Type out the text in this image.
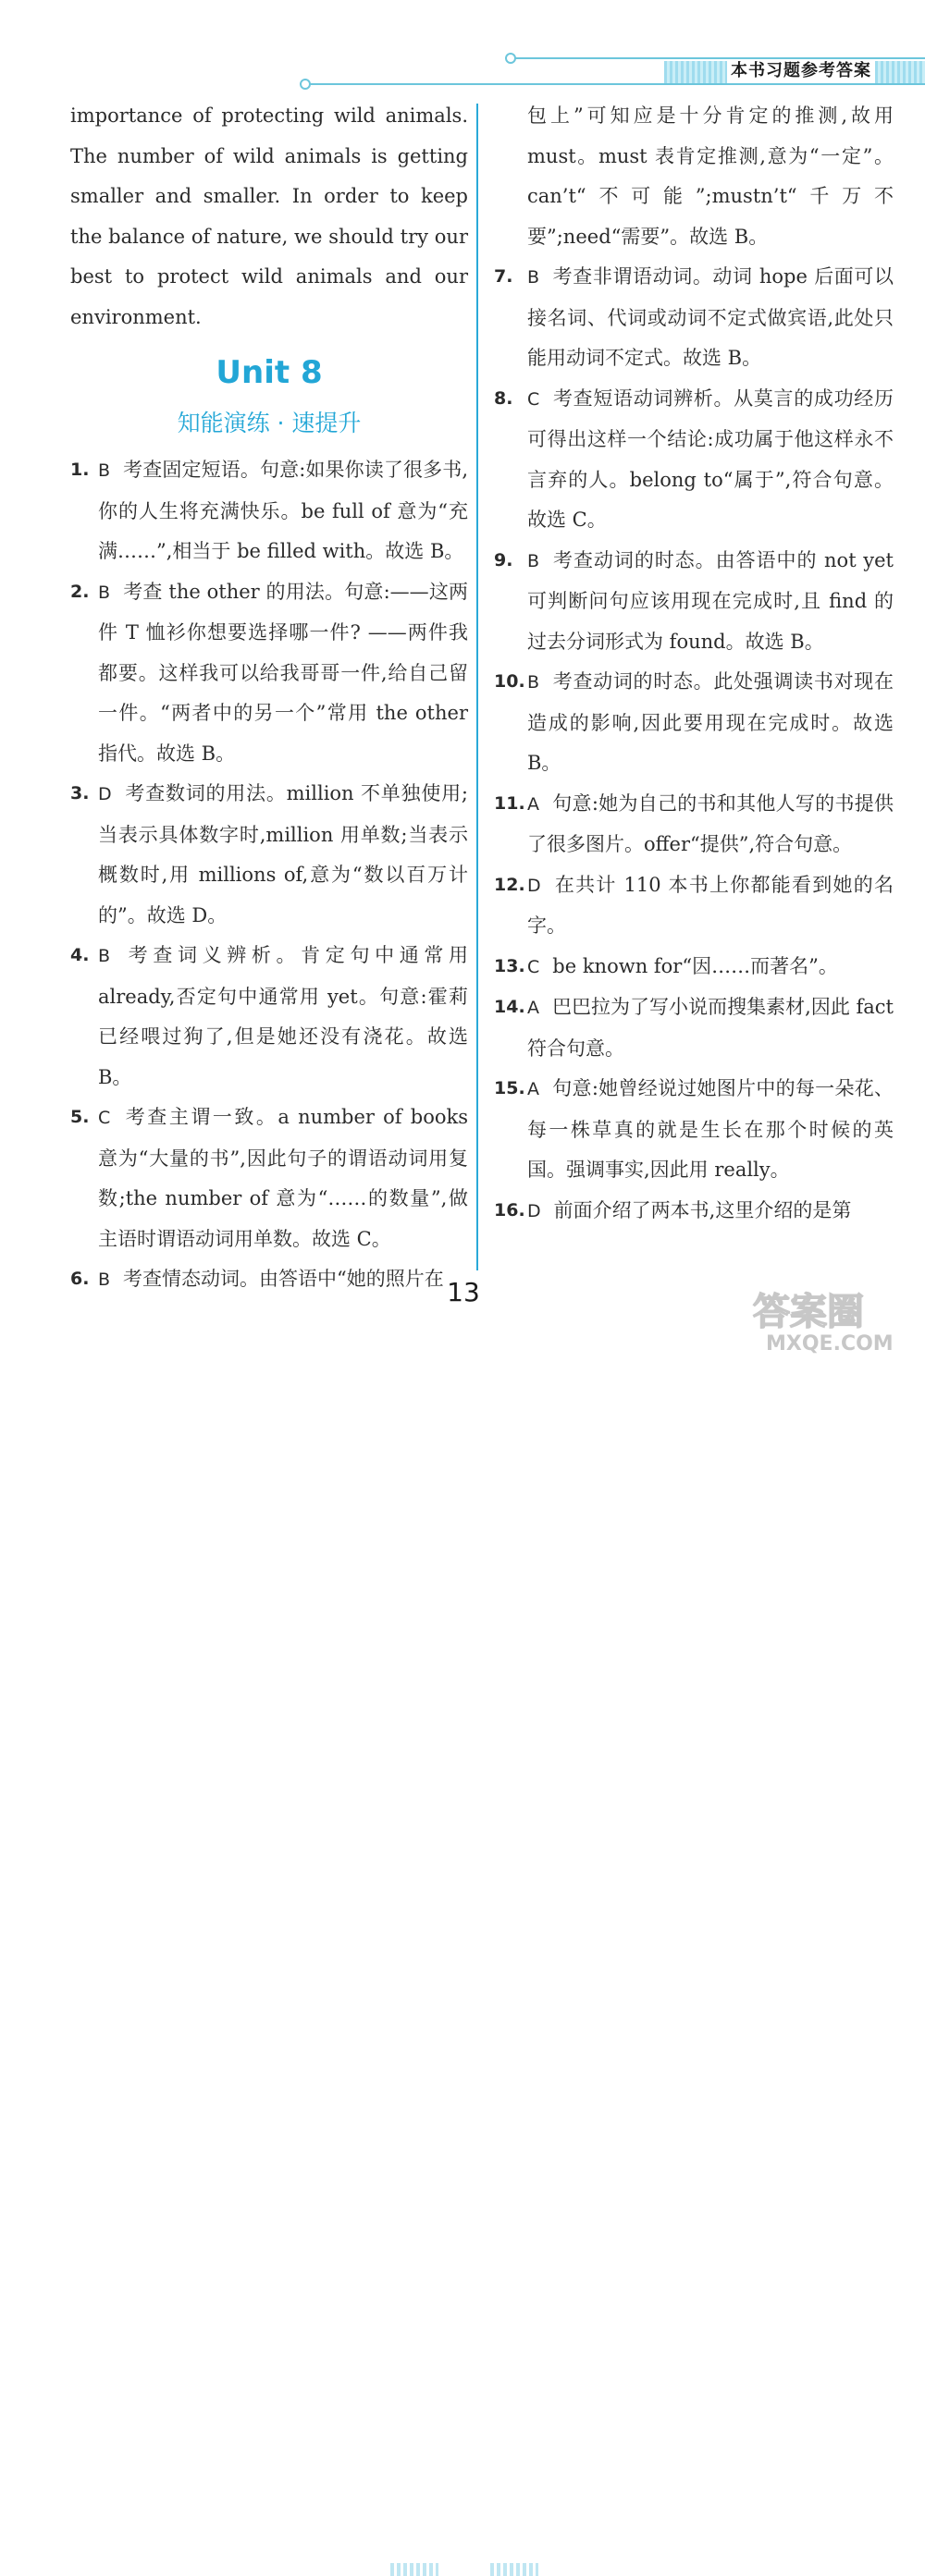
本书习题参考答案

importance of protecting wild animals. The number of wild animals is getting smaller and smaller. In order to keep the balance of nature, we should try our best to protect wild animals and our environment.

Unit 8
知能演练 · 速提升
1. B 考查固定短语。句意:如果你读了很多书,你的人生将充满快乐。be full of 意为“充满……”,相当于 be filled with。故选 B。
2. B 考查 the other 的用法。句意:——这两件 T 恤衫你想要选择哪一件? ——两件我都要。这样我可以给我哥哥一件,给自己留一件。“两者中的另一个”常用 the other 指代。故选 B。
3. D 考查数词的用法。million 不单独使用;当表示具体数字时,million 用单数;当表示概数时,用 millions of,意为“数以百万计的”。故选 D。
4. B 考查词义辨析。肯定句中通常用 already,否定句中通常用 yet。句意:霍莉已经喂过狗了,但是她还没有浇花。故选 B。
5. C 考查主谓一致。a number of books 意为“大量的书”,因此句子的谓语动词用复数;the number of 意为“……的数量”,做主语时谓语动词用单数。故选 C。
6. B 考查情态动词。由答语中“她的照片在
包上”可知应是十分肯定的推测,故用 must。must 表肯定推测,意为“一定”。can’t“不可能”;mustn’t“千万不要”;need“需要”。故选 B。
7. B 考查非谓语动词。动词 hope 后面可以接名词、代词或动词不定式做宾语,此处只能用动词不定式。故选 B。
8. C 考查短语动词辨析。从莫言的成功经历可得出这样一个结论:成功属于他这样永不言弃的人。belong to“属于”,符合句意。故选 C。
9. B 考查动词的时态。由答语中的 not yet 可判断问句应该用现在完成时,且 find 的过去分词形式为 found。故选 B。
10. B 考查动词的时态。此处强调读书对现在造成的影响,因此要用现在完成时。故选 B。
11. A 句意:她为自己的书和其他人写的书提供了很多图片。offer“提供”,符合句意。
12. D 在共计 110 本书上你都能看到她的名字。
13. C be known for“因……而著名”。
14. A 巴巴拉为了写小说而搜集素材,因此 fact 符合句意。
15. A 句意:她曾经说过她图片中的每一朵花、每一株草真的就是生长在那个时候的英国。强调事实,因此用 really。
16. D 前面介绍了两本书,这里介绍的是第
13	答案圈
MXQE.COM
